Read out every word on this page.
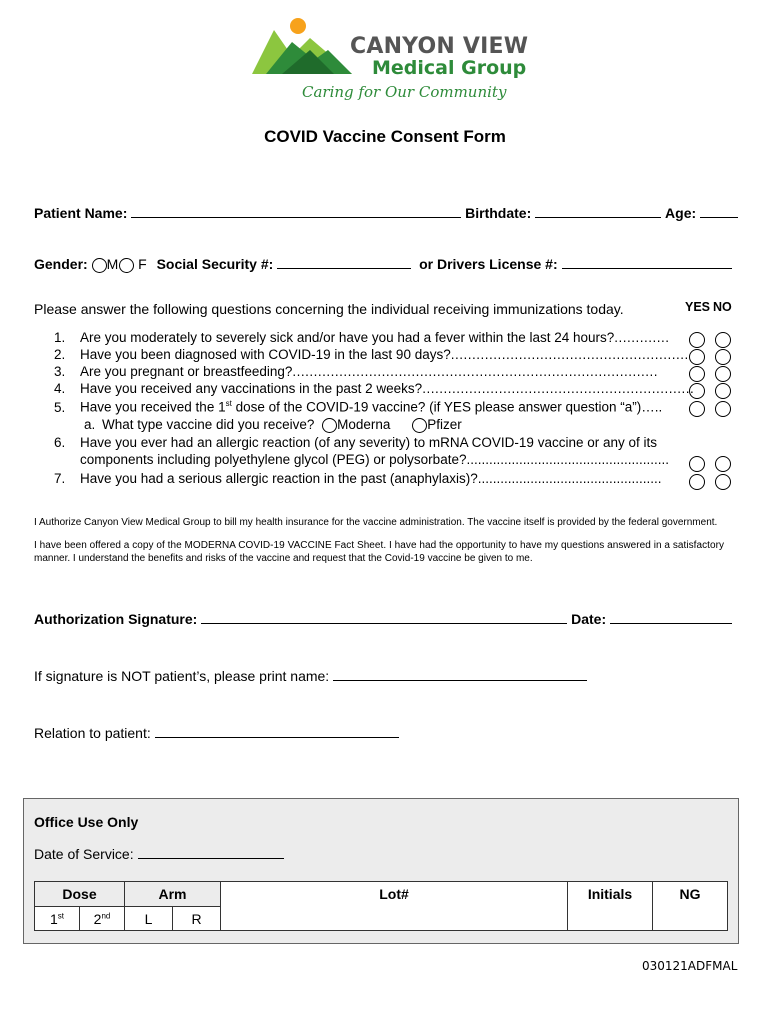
CANYON VIEW
Medical Group
Caring for Our Community
COVID Vaccine Consent Form
Patient Name:	Birthdate:	Age:
Gender: M F Social Security #:	or Drivers License #:
Please answer the following questions concerning the individual receiving immunizations today.	YES NO
1. Are you moderately to severely sick and/or have you had a fever within the last 24 hours?.............
2. Have you been diagnosed with COVID-19 in the last 90 days?........................................................
3. Are you pregnant or breastfeeding?......................................................................................
4. Have you received any vaccinations in the past 2 weeks?................................................................
5. Have you received the 1st dose of the COVID-19 vaccine? (if YES please answer question “a”)…..
a. What type vaccine did you receive? Moderna	Pfizer
6. Have you ever had an allergic reaction (of any severity) to mRNA COVID-19 vaccine or any of its
components including polyethylene glycol (PEG) or polysorbate?......................................................
7. Have you had a serious allergic reaction in the past (anaphylaxis)?.................................................
I Authorize Canyon View Medical Group to bill my health insurance for the vaccine administration. The vaccine itself is provided by the federal government.
I have been offered a copy of the MODERNA COVID-19 VACCINE Fact Sheet. I have had the opportunity to have my questions answered in a satisfactory
manner. I understand the benefits and risks of the vaccine and request that the Covid-19 vaccine be given to me.
Authorization Signature:	Date:
If signature is NOT patient’s, please print name:
Relation to patient:
Office Use Only
Date of Service:
Dose		Arm		Lot#	Initials	NG
1st	2nd	L	R			
030121ADFMAL
